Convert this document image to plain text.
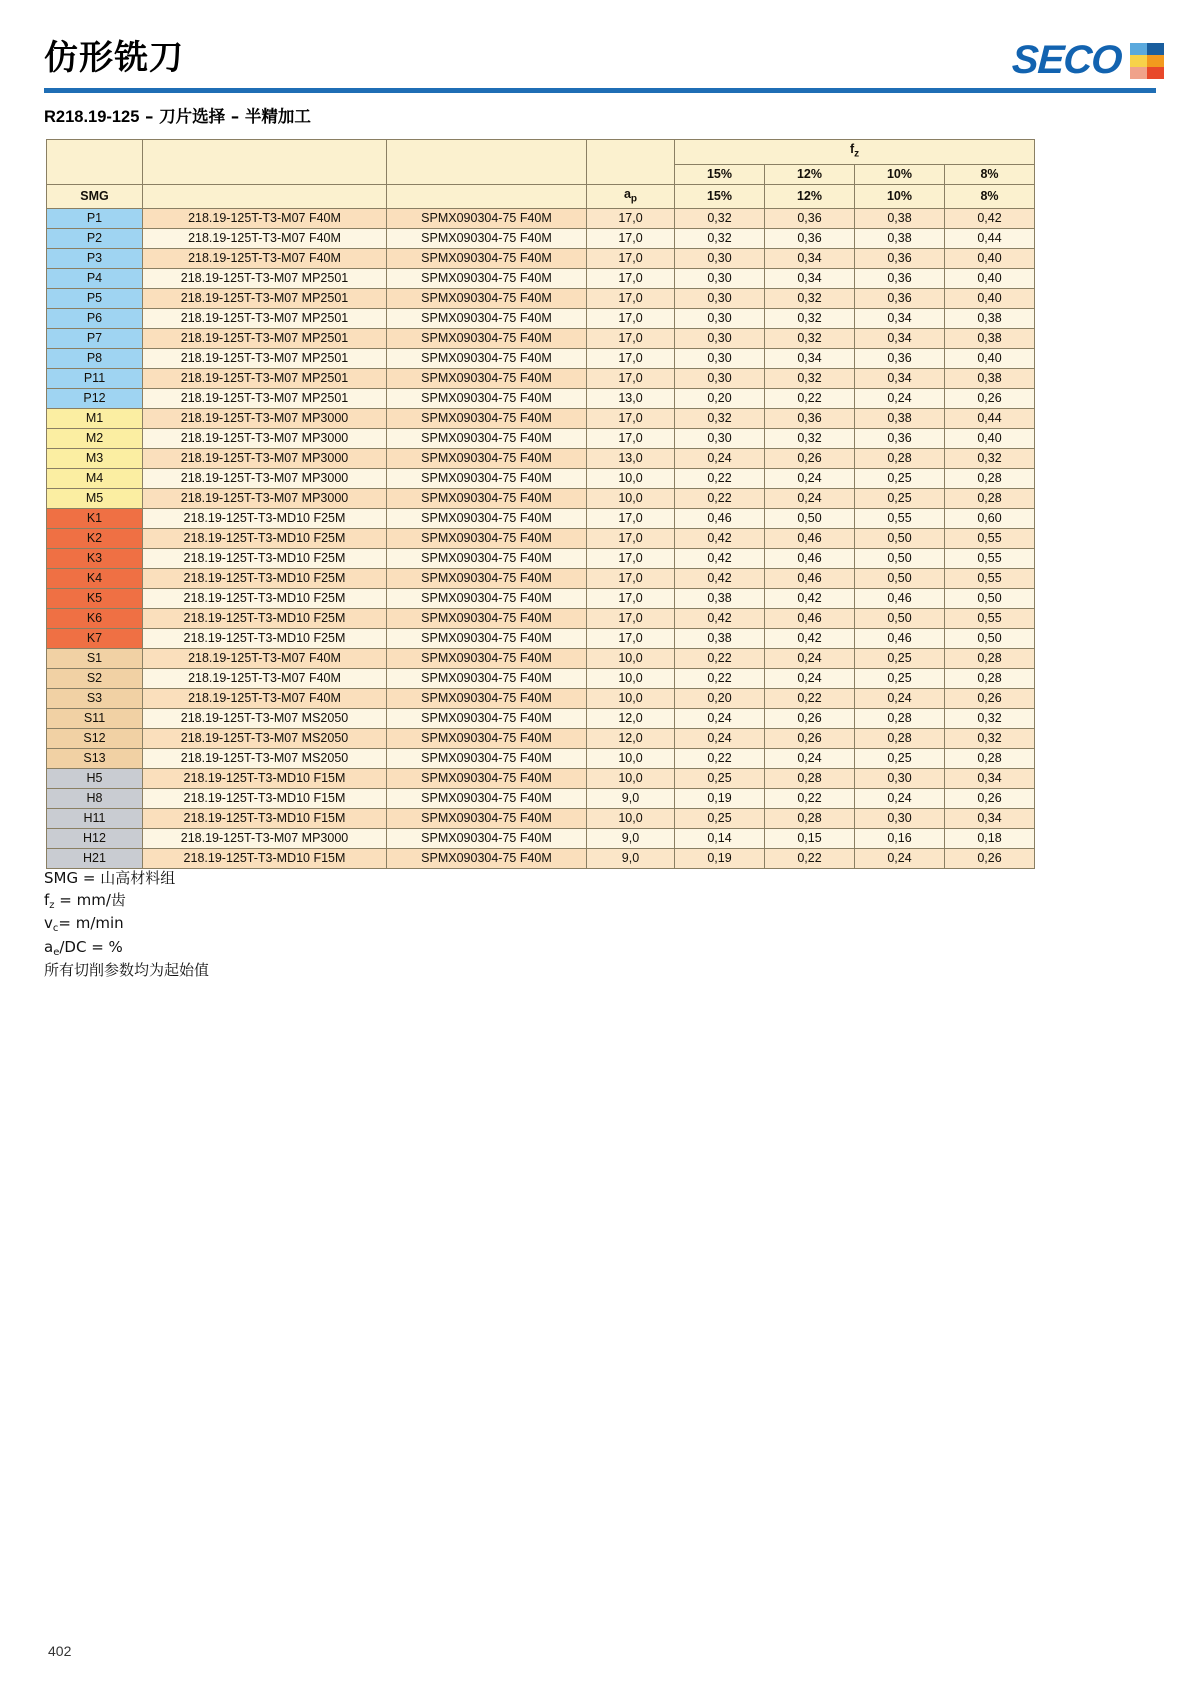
仿形铣刀	SECO
R218.19-125 – 刀片选择 – 半精加工
				$f_z$
				15%	12%	10%	8%
SMG			$a_p$	15%	12%	10%	8%
P1	218.19-125T-T3-M07 F40M	SPMX090304-75 F40M	17,0	0,32	0,36	0,38	0,42
P2	218.19-125T-T3-M07 F40M	SPMX090304-75 F40M	17,0	0,32	0,36	0,38	0,44
P3	218.19-125T-T3-M07 F40M	SPMX090304-75 F40M	17,0	0,30	0,34	0,36	0,40
P4	218.19-125T-T3-M07 MP2501	SPMX090304-75 F40M	17,0	0,30	0,34	0,36	0,40
P5	218.19-125T-T3-M07 MP2501	SPMX090304-75 F40M	17,0	0,30	0,32	0,36	0,40
P6	218.19-125T-T3-M07 MP2501	SPMX090304-75 F40M	17,0	0,30	0,32	0,34	0,38
P7	218.19-125T-T3-M07 MP2501	SPMX090304-75 F40M	17,0	0,30	0,32	0,34	0,38
P8	218.19-125T-T3-M07 MP2501	SPMX090304-75 F40M	17,0	0,30	0,34	0,36	0,40
P11	218.19-125T-T3-M07 MP2501	SPMX090304-75 F40M	17,0	0,30	0,32	0,34	0,38
P12	218.19-125T-T3-M07 MP2501	SPMX090304-75 F40M	13,0	0,20	0,22	0,24	0,26
M1	218.19-125T-T3-M07 MP3000	SPMX090304-75 F40M	17,0	0,32	0,36	0,38	0,44
M2	218.19-125T-T3-M07 MP3000	SPMX090304-75 F40M	17,0	0,30	0,32	0,36	0,40
M3	218.19-125T-T3-M07 MP3000	SPMX090304-75 F40M	13,0	0,24	0,26	0,28	0,32
M4	218.19-125T-T3-M07 MP3000	SPMX090304-75 F40M	10,0	0,22	0,24	0,25	0,28
M5	218.19-125T-T3-M07 MP3000	SPMX090304-75 F40M	10,0	0,22	0,24	0,25	0,28
K1	218.19-125T-T3-MD10 F25M	SPMX090304-75 F40M	17,0	0,46	0,50	0,55	0,60
K2	218.19-125T-T3-MD10 F25M	SPMX090304-75 F40M	17,0	0,42	0,46	0,50	0,55
K3	218.19-125T-T3-MD10 F25M	SPMX090304-75 F40M	17,0	0,42	0,46	0,50	0,55
K4	218.19-125T-T3-MD10 F25M	SPMX090304-75 F40M	17,0	0,42	0,46	0,50	0,55
K5	218.19-125T-T3-MD10 F25M	SPMX090304-75 F40M	17,0	0,38	0,42	0,46	0,50
K6	218.19-125T-T3-MD10 F25M	SPMX090304-75 F40M	17,0	0,42	0,46	0,50	0,55
K7	218.19-125T-T3-MD10 F25M	SPMX090304-75 F40M	17,0	0,38	0,42	0,46	0,50
S1	218.19-125T-T3-M07 F40M	SPMX090304-75 F40M	10,0	0,22	0,24	0,25	0,28
S2	218.19-125T-T3-M07 F40M	SPMX090304-75 F40M	10,0	0,22	0,24	0,25	0,28
S3	218.19-125T-T3-M07 F40M	SPMX090304-75 F40M	10,0	0,20	0,22	0,24	0,26
S11	218.19-125T-T3-M07 MS2050	SPMX090304-75 F40M	12,0	0,24	0,26	0,28	0,32
S12	218.19-125T-T3-M07 MS2050	SPMX090304-75 F40M	12,0	0,24	0,26	0,28	0,32
S13	218.19-125T-T3-M07 MS2050	SPMX090304-75 F40M	10,0	0,22	0,24	0,25	0,28
H5	218.19-125T-T3-MD10 F15M	SPMX090304-75 F40M	10,0	0,25	0,28	0,30	0,34
H8	218.19-125T-T3-MD10 F15M	SPMX090304-75 F40M	9,0	0,19	0,22	0,24	0,26
H11	218.19-125T-T3-MD10 F15M	SPMX090304-75 F40M	10,0	0,25	0,28	0,30	0,34
H12	218.19-125T-T3-M07 MP3000	SPMX090304-75 F40M	9,0	0,14	0,15	0,16	0,18
H21	218.19-125T-T3-MD10 F15M	SPMX090304-75 F40M	9,0	0,19	0,22	0,24	0,26
SMG = 山高材料组
$f_z = mm/$齿
$v_c= m/\min$
$a_e/DC$ = %
所有切削参数均为起始值
402
